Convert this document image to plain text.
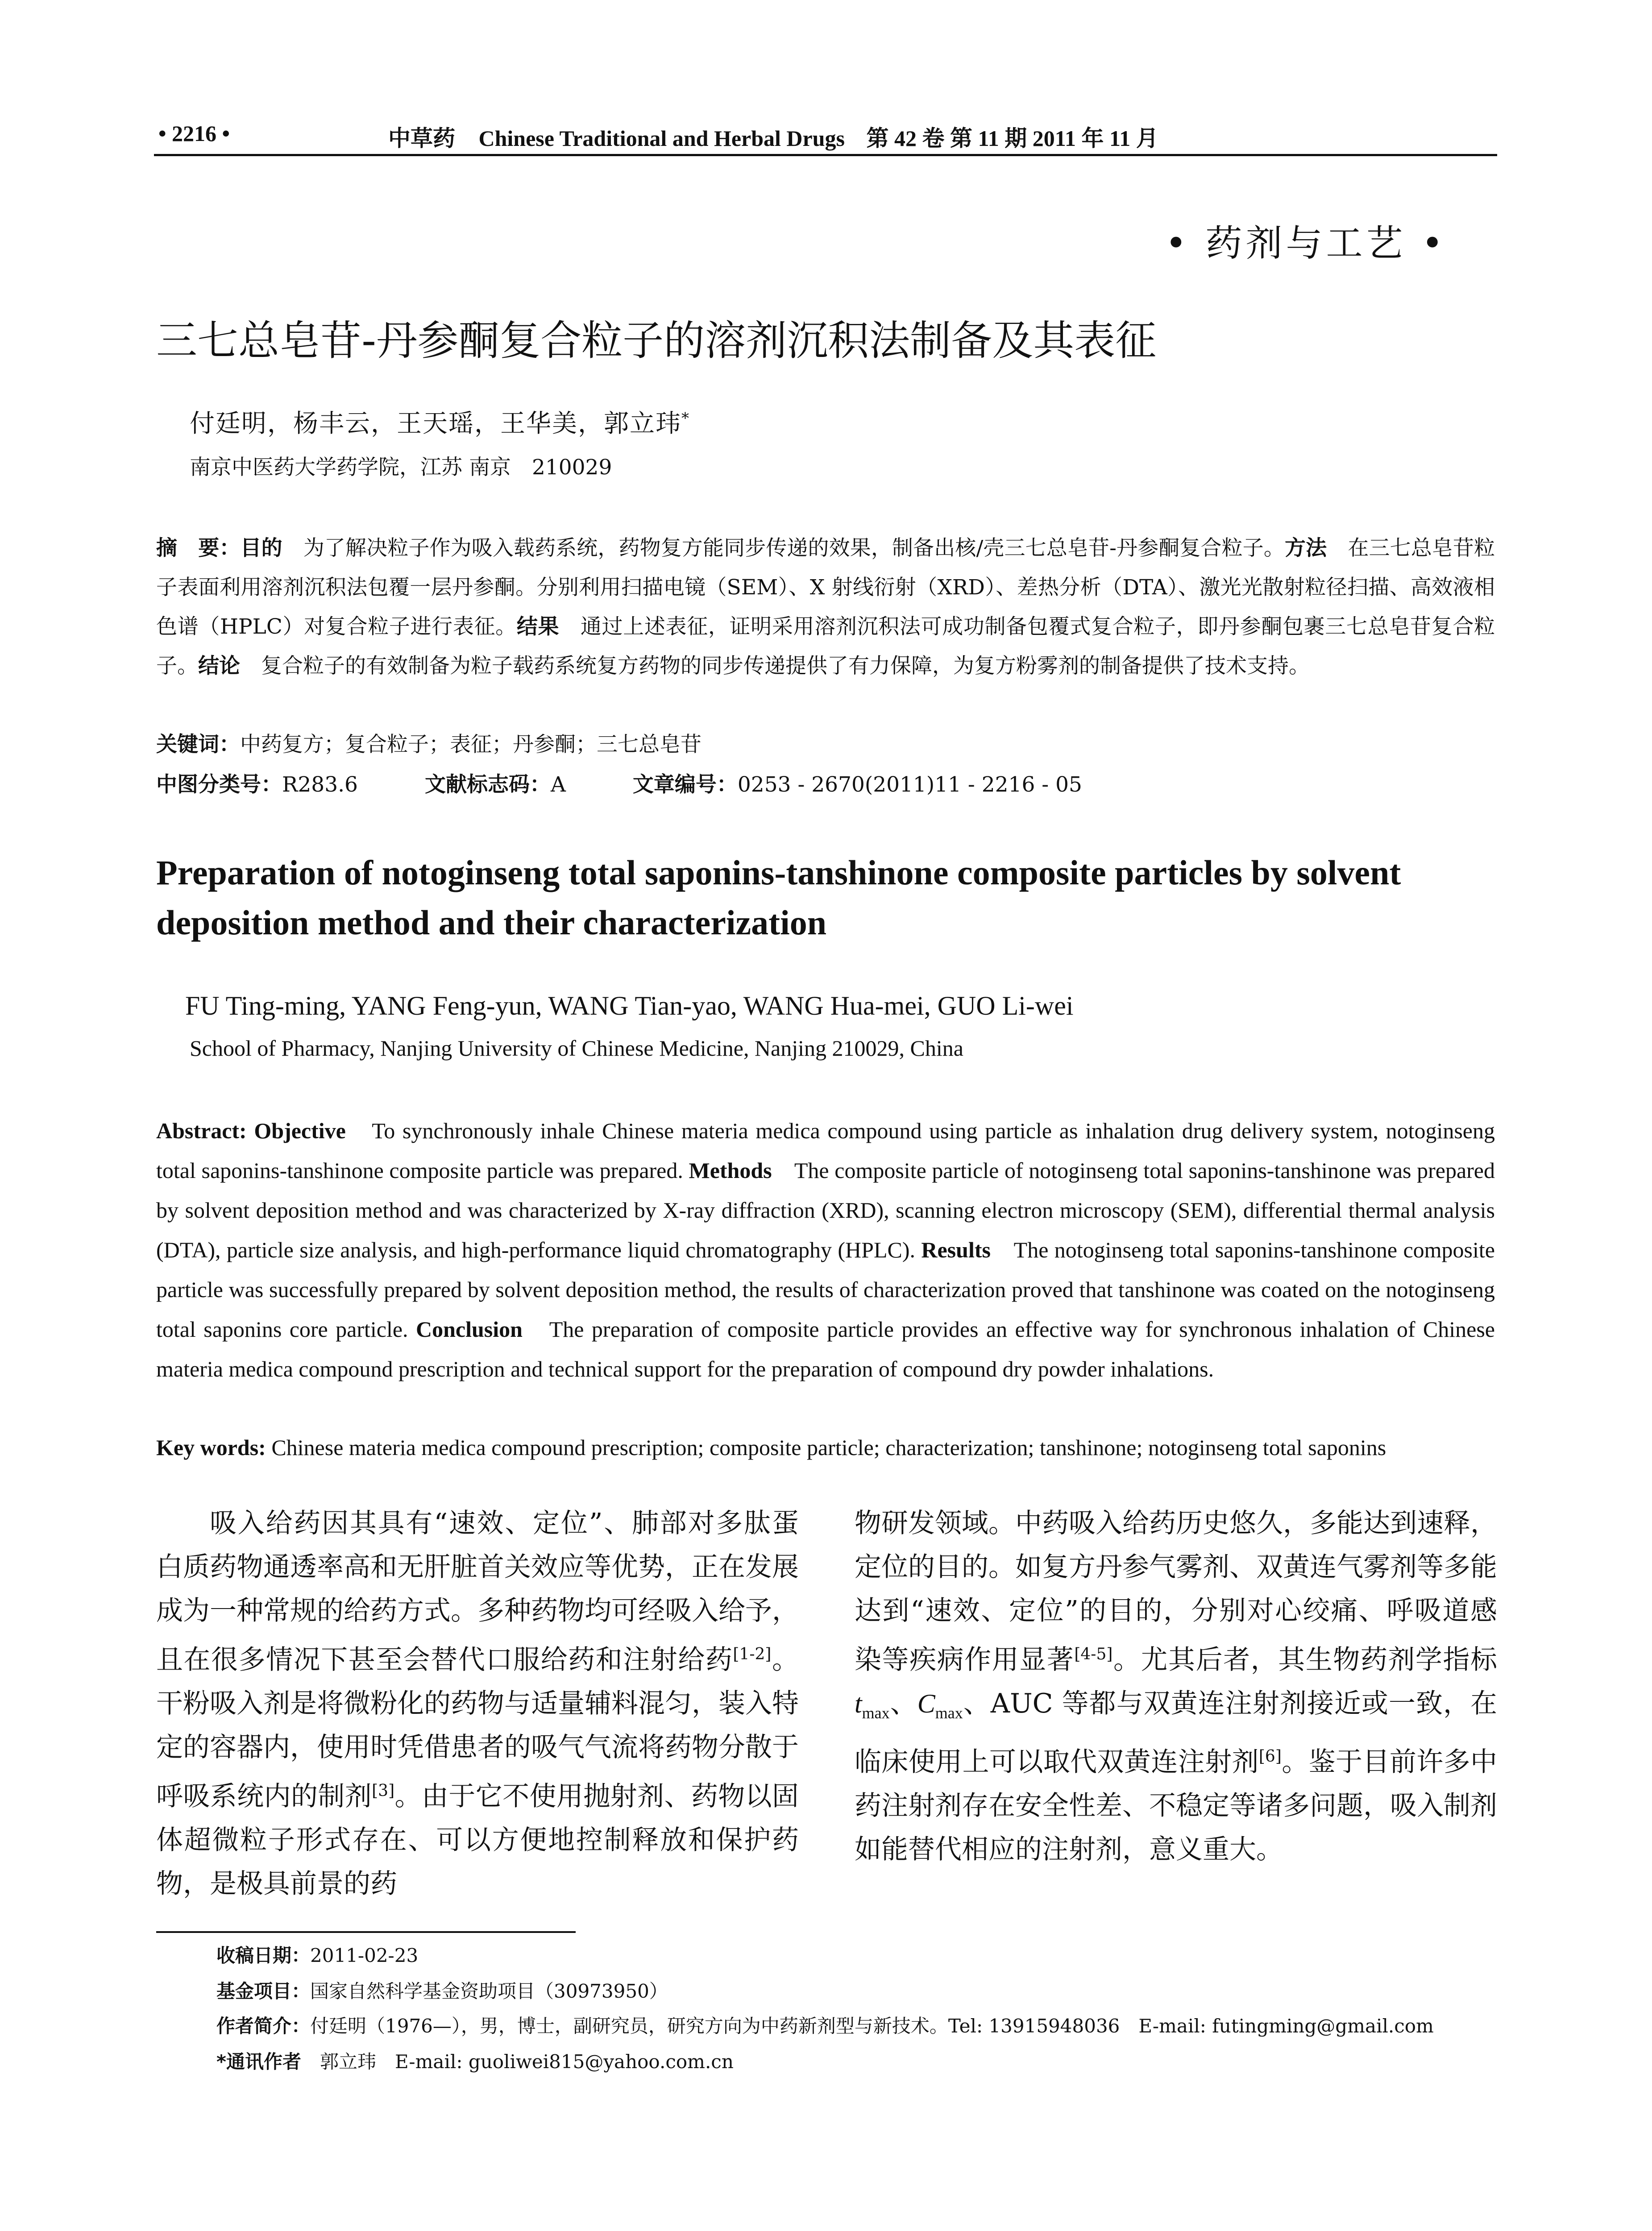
• 2216 •	中草药 Chinese Traditional and Herbal Drugs 第 42 卷 第 11 期 2011 年 11 月
• 药剂与工艺 •
三七总皂苷-丹参酮复合粒子的溶剂沉积法制备及其表征
付廷明，杨丰云，王天瑶，王华美，郭立玮*
南京中医药大学药学院，江苏 南京　210029
摘　要：目的　为了解决粒子作为吸入载药系统，药物复方能同步传递的效果，制备出核/壳三七总皂苷-丹参酮复合粒子。方法　在三七总皂苷粒子表面利用溶剂沉积法包覆一层丹参酮。分别利用扫描电镜（SEM）、X 射线衍射（XRD）、差热分析（DTA）、激光光散射粒径扫描、高效液相色谱（HPLC）对复合粒子进行表征。结果　通过上述表征，证明采用溶剂沉积法可成功制备包覆式复合粒子，即丹参酮包裹三七总皂苷复合粒子。结论　复合粒子的有效制备为粒子载药系统复方药物的同步传递提供了有力保障，为复方粉雾剂的制备提供了技术支持。
关键词：中药复方；复合粒子；表征；丹参酮；三七总皂苷
中图分类号：R283.6	文献标志码：A	文章编号：0253 - 2670(2011)11 - 2216 - 05
Preparation of notoginseng total saponins-tanshinone composite particles by solvent deposition method and their characterization
FU Ting-ming, YANG Feng-yun, WANG Tian-yao, WANG Hua-mei, GUO Li-wei
School of Pharmacy, Nanjing University of Chinese Medicine, Nanjing 210029, China
Abstract: Objective　To synchronously inhale Chinese materia medica compound using particle as inhalation drug delivery system, notoginseng total saponins-tanshinone composite particle was prepared. Methods　The composite particle of notoginseng total saponins-tanshinone was prepared by solvent deposition method and was characterized by X-ray diffraction (XRD), scanning electron microscopy (SEM), differential thermal analysis (DTA), particle size analysis, and high-performance liquid chromatography (HPLC). Results　The notoginseng total saponins-tanshinone composite particle was successfully prepared by solvent deposition method, the results of characterization proved that tanshinone was coated on the notoginseng total saponins core particle. Conclusion　The preparation of composite particle provides an effective way for synchronous inhalation of Chinese materia medica compound prescription and technical support for the preparation of compound dry powder inhalations.
Key words: Chinese materia medica compound prescription; composite particle; characterization; tanshinone; notoginseng total saponins
吸入给药因其具有“速效、定位”、肺部对多肽蛋白质药物通透率高和无肝脏首关效应等优势，正在发展成为一种常规的给药方式。多种药物均可经吸入给予，且在很多情况下甚至会替代口服给药和注射给药[1-2]。干粉吸入剂是将微粉化的药物与适量辅料混匀，装入特定的容器内，使用时凭借患者的吸气气流将药物分散于呼吸系统内的制剂[3]。由于它不使用抛射剂、药物以固体超微粒子形式存在、可以方便地控制释放和保护药物，是极具前景的药
物研发领域。中药吸入给药历史悠久，多能达到速释，定位的目的。如复方丹参气雾剂、双黄连气雾剂等多能达到“速效、定位”的目的，分别对心绞痛、呼吸道感染等疾病作用显著[4-5]。尤其后者，其生物药剂学指标 $t_{max}$、$C_{max}$、AUC 等都与双黄连注射剂接近或一致，在临床使用上可以取代双黄连注射剂[6]。鉴于目前许多中药注射剂存在安全性差、不稳定等诸多问题，吸入制剂如能替代相应的注射剂，意义重大。
收稿日期：2011-02-23
基金项目：国家自然科学基金资助项目（30973950）
作者简介：付廷明（1976—），男，博士，副研究员，研究方向为中药新剂型与新技术。Tel: 13915948036　E-mail: futingming@gmail.com
*通讯作者　郭立玮　E-mail: guoliwei815@yahoo.com.cn
